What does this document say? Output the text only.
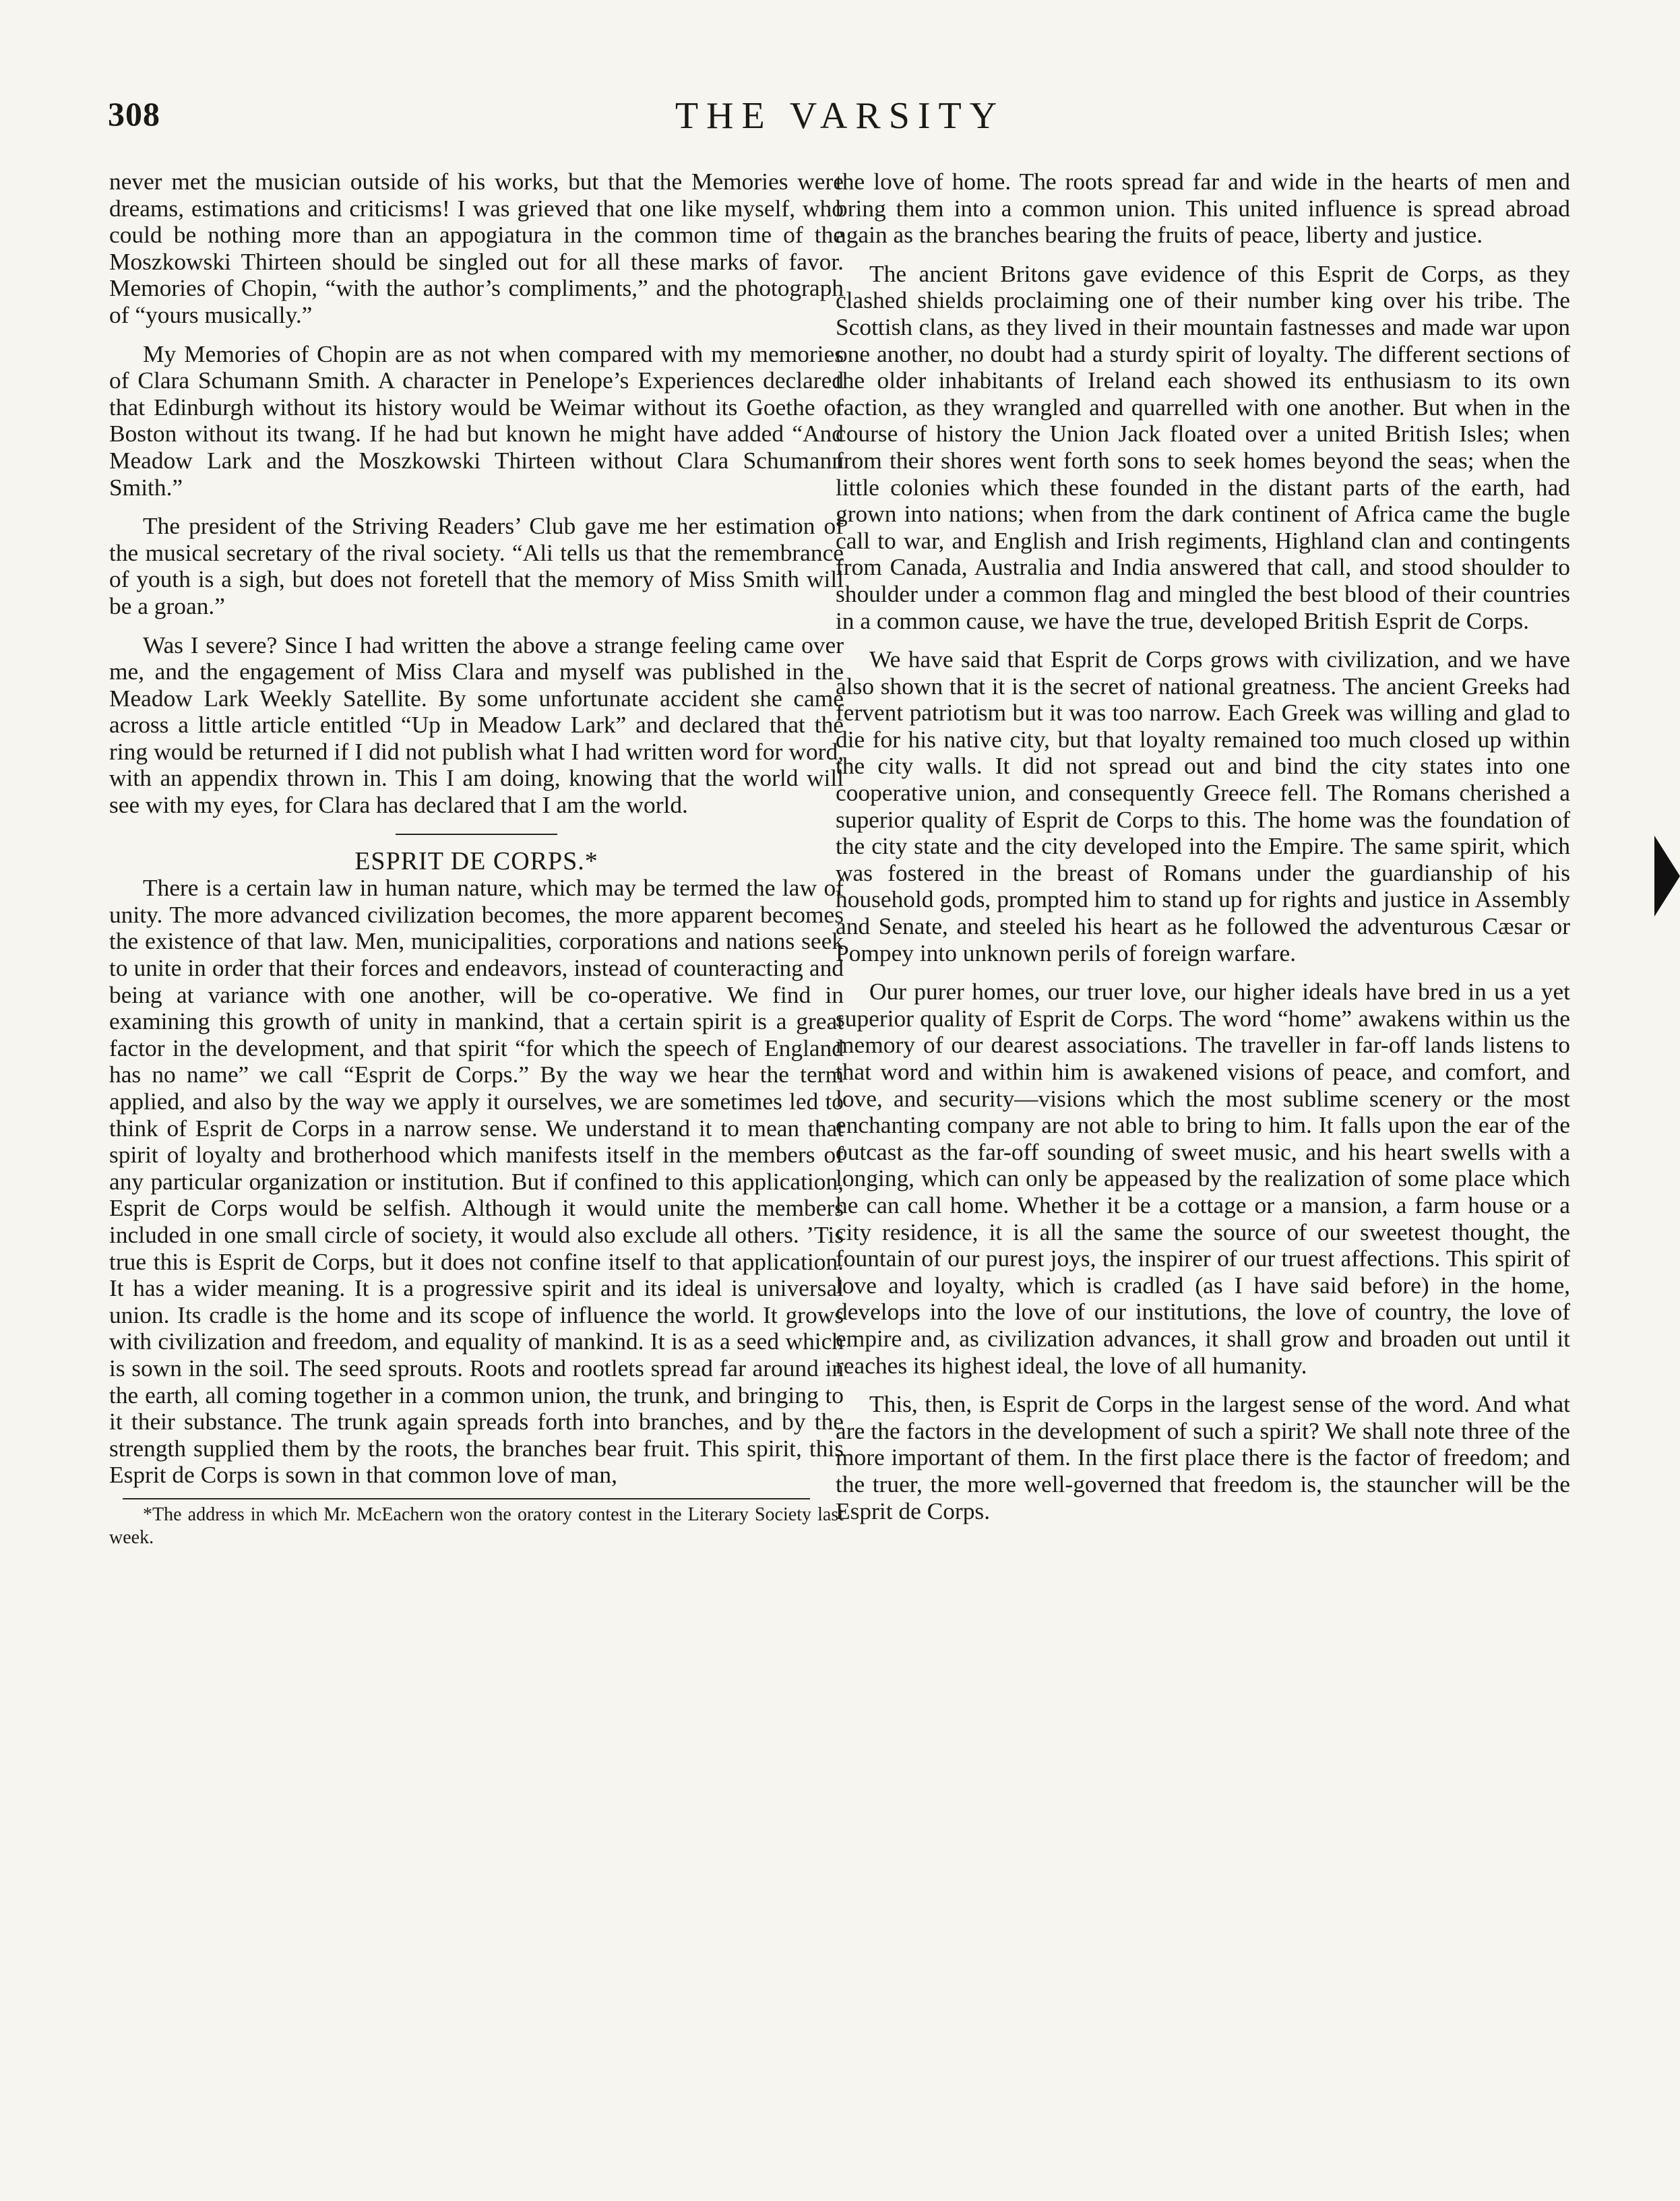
308	THE VARSITY

never met the musician outside of his works, but that the Memories were dreams, estimations and criticisms! I was grieved that one like myself, who could be nothing more than an appogiatura in the common time of the Moszkowski Thirteen should be singled out for all these marks of favor. Memories of Chopin, “with the author’s compliments,” and the photograph of “yours musically.”

My Memories of Chopin are as not when compared with my memories of Clara Schumann Smith. A character in Penelope’s Experiences declared that Edinburgh without its history would be Weimar without its Goethe or Boston without its twang. If he had but known he might have added “And Meadow Lark and the Moszkowski Thirteen without Clara Schumann Smith.”

The president of the Striving Readers’ Club gave me her estimation of the musical secretary of the rival society. “Ali tells us that the remembrance of youth is a sigh, but does not foretell that the memory of Miss Smith will be a groan.”

Was I severe? Since I had written the above a strange feeling came over me, and the engagement of Miss Clara and myself was published in the Meadow Lark Weekly Satellite. By some unfortunate accident she came across a little article entitled “Up in Meadow Lark” and declared that the ring would be returned if I did not publish what I had written word for word, with an appendix thrown in. This I am doing, knowing that the world will see with my eyes, for Clara has declared that I am the world.

ESPRIT DE CORPS.*

There is a certain law in human nature, which may be termed the law of unity. The more advanced civilization becomes, the more apparent becomes the existence of that law. Men, municipalities, corporations and nations seek to unite in order that their forces and endeavors, instead of counteracting and being at variance with one another, will be co-operative. We find in examining this growth of unity in mankind, that a certain spirit is a great factor in the development, and that spirit “for which the speech of England has no name” we call “Esprit de Corps.” By the way we hear the term applied, and also by the way we apply it ourselves, we are sometimes led to think of Esprit de Corps in a narrow sense. We understand it to mean that spirit of loyalty and brotherhood which manifests itself in the members of any particular organization or institution. But if confined to this application, Esprit de Corps would be selfish. Although it would unite the members included in one small circle of society, it would also exclude all others. ’Tis true this is Esprit de Corps, but it does not confine itself to that application. It has a wider meaning. It is a progressive spirit and its ideal is universal union. Its cradle is the home and its scope of influence the world. It grows with civilization and freedom, and equality of mankind. It is as a seed which is sown in the soil. The seed sprouts. Roots and rootlets spread far around in the earth, all coming together in a common union, the trunk, and bringing to it their substance. The trunk again spreads forth into branches, and by the strength supplied them by the roots, the branches bear fruit. This spirit, this Esprit de Corps is sown in that common love of man,

*The address in which Mr. McEachern won the oratory contest in the Literary Society last week.

the love of home. The roots spread far and wide in the hearts of men and bring them into a common union. This united influence is spread abroad again as the branches bearing the fruits of peace, liberty and justice.

The ancient Britons gave evidence of this Esprit de Corps, as they clashed shields proclaiming one of their number king over his tribe. The Scottish clans, as they lived in their mountain fastnesses and made war upon one another, no doubt had a sturdy spirit of loyalty. The different sections of the older inhabitants of Ireland each showed its enthusiasm to its own faction, as they wrangled and quarrelled with one another. But when in the course of history the Union Jack floated over a united British Isles; when from their shores went forth sons to seek homes beyond the seas; when the little colonies which these founded in the distant parts of the earth, had grown into nations; when from the dark continent of Africa came the bugle call to war, and English and Irish regiments, Highland clan and contingents from Canada, Australia and India answered that call, and stood shoulder to shoulder under a common flag and mingled the best blood of their countries in a common cause, we have the true, developed British Esprit de Corps.

We have said that Esprit de Corps grows with civilization, and we have also shown that it is the secret of national greatness. The ancient Greeks had fervent patriotism but it was too narrow. Each Greek was willing and glad to die for his native city, but that loyalty remained too much closed up within the city walls. It did not spread out and bind the city states into one cooperative union, and consequently Greece fell. The Romans cherished a superior quality of Esprit de Corps to this. The home was the foundation of the city state and the city developed into the Empire. The same spirit, which was fostered in the breast of Romans under the guardianship of his household gods, prompted him to stand up for rights and justice in Assembly and Senate, and steeled his heart as he followed the adventurous Cæsar or Pompey into unknown perils of foreign warfare.

Our purer homes, our truer love, our higher ideals have bred in us a yet superior quality of Esprit de Corps. The word “home” awakens within us the memory of our dearest associations. The traveller in far-off lands listens to that word and within him is awakened visions of peace, and comfort, and love, and security—visions which the most sublime scenery or the most enchanting company are not able to bring to him. It falls upon the ear of the outcast as the far-off sounding of sweet music, and his heart swells with a longing, which can only be appeased by the realization of some place which he can call home. Whether it be a cottage or a mansion, a farm house or a city residence, it is all the same the source of our sweetest thought, the fountain of our purest joys, the inspirer of our truest affections. This spirit of love and loyalty, which is cradled (as I have said before) in the home, develops into the love of our institutions, the love of country, the love of empire and, as civilization advances, it shall grow and broaden out until it reaches its highest ideal, the love of all humanity.

This, then, is Esprit de Corps in the largest sense of the word. And what are the factors in the development of such a spirit? We shall note three of the more important of them. In the first place there is the factor of freedom; and the truer, the more well-governed that freedom is, the stauncher will be the Esprit de Corps.
